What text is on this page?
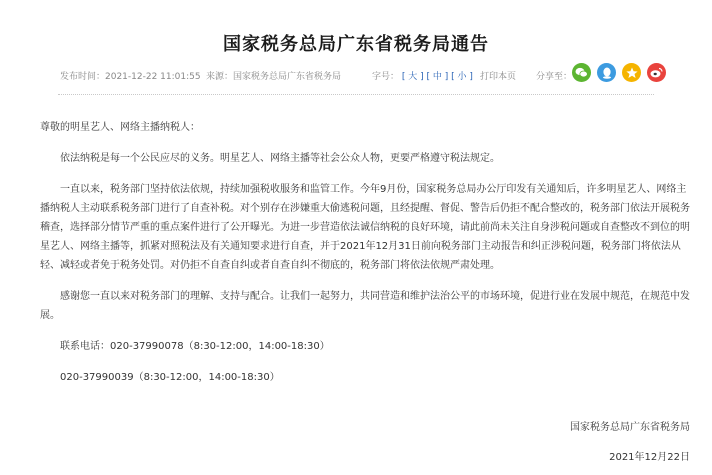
国家税务总局广东省税务局通告
发布时间：2021-12-22 11:01:55 来源：国家税务总局广东省税务局	字号： [ 大 ] [ 中 ] [ 小 ] 打印本页 分享至：

尊敬的明星艺人、网络主播纳税人：

依法纳税是每一个公民应尽的义务。明星艺人、网络主播等社会公众人物，更要严格遵守税法规定。

一直以来，税务部门坚持依法依规，持续加强税收服务和监管工作。今年9月份，国家税务总局办公厅印发有关通知后，许多明星艺人、网络主播纳税人主动联系税务部门进行了自查补税。对个别存在涉嫌重大偷逃税问题，且经提醒、督促、警告后仍拒不配合整改的，税务部门依法开展税务稽查，选择部分情节严重的重点案件进行了公开曝光。为进一步营造依法诚信纳税的良好环境，请此前尚未关注自身涉税问题或自查整改不到位的明星艺人、网络主播等，抓紧对照税法及有关通知要求进行自查，并于2021年12月31日前向税务部门主动报告和纠正涉税问题，税务部门将依法从轻、减轻或者免于税务处罚。对仍拒不自查自纠或者自查自纠不彻底的，税务部门将依法依规严肃处理。

感谢您一直以来对税务部门的理解、支持与配合。让我们一起努力，共同营造和维护法治公平的市场环境，促进行业在发展中规范，在规范中发展。

联系电话：020-37990078（8:30-12:00，14:00-18:30）

020-37990039（8:30-12:00，14:00-18:30）

国家税务总局广东省税务局
2021年12月22日
